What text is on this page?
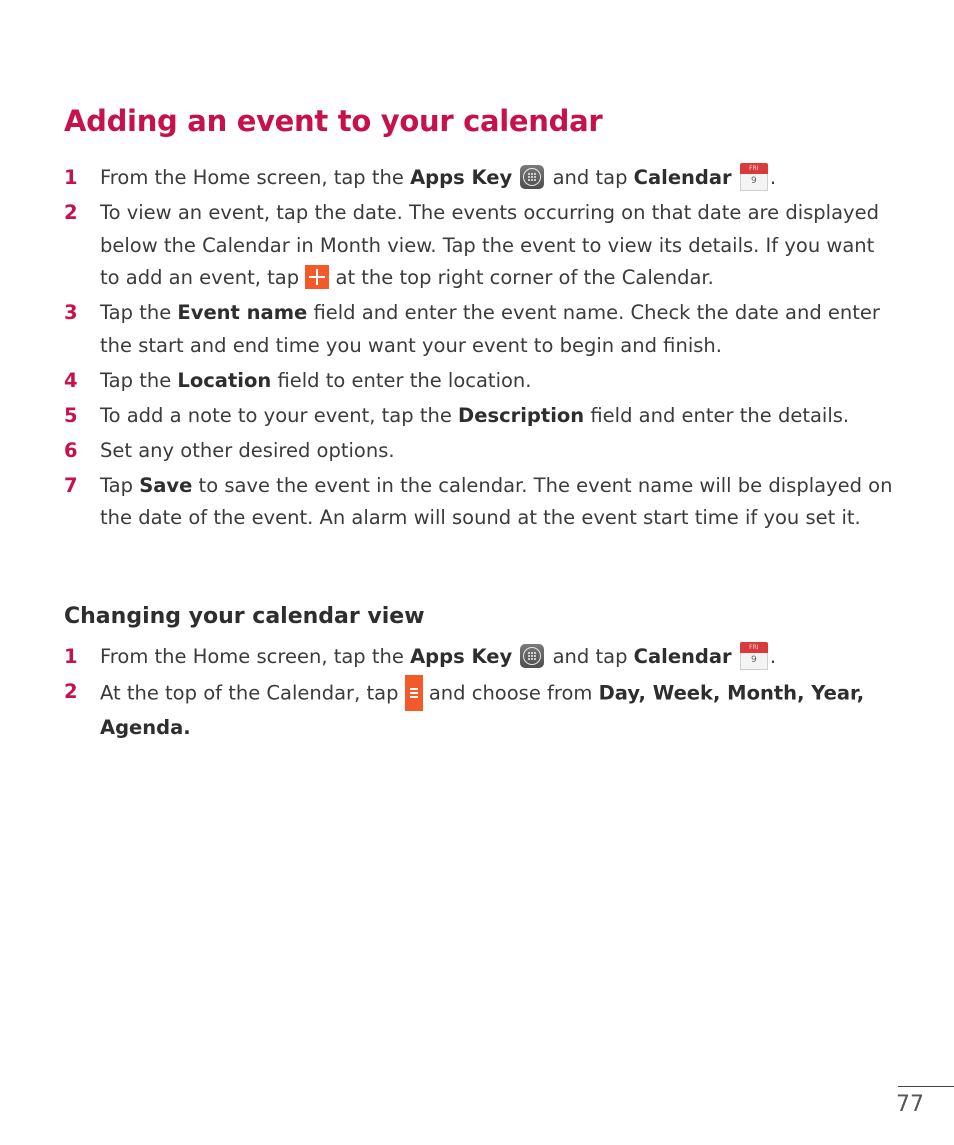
Adding an event to your calendar
1 From the Home screen, tap the Apps Key
and tap Calendar	FRI
9 .
2 To view an event, tap the date. The events occurring on that date are displayed below the Calendar in Month view. Tap the event to view its details. If you want to add an event, tap  at the top right corner of the Calendar.
3 Tap the Event name field and enter the event name. Check the date and enter the start and end time you want your event to begin and finish.
4 Tap the Location field to enter the location.
5 To add a note to your event, tap the Description field and enter the details.
6 Set any other desired options.
7 Tap Save to save the event in the calendar. The event name will be displayed on the date of the event. An alarm will sound at the event start time if you set it.
Changing your calendar view
1 From the Home screen, tap the Apps Key
and tap Calendar	FRI
9 .
2 At the top of the Calendar, tap
and choose from Day, Week, Month, Year, Agenda.
77
